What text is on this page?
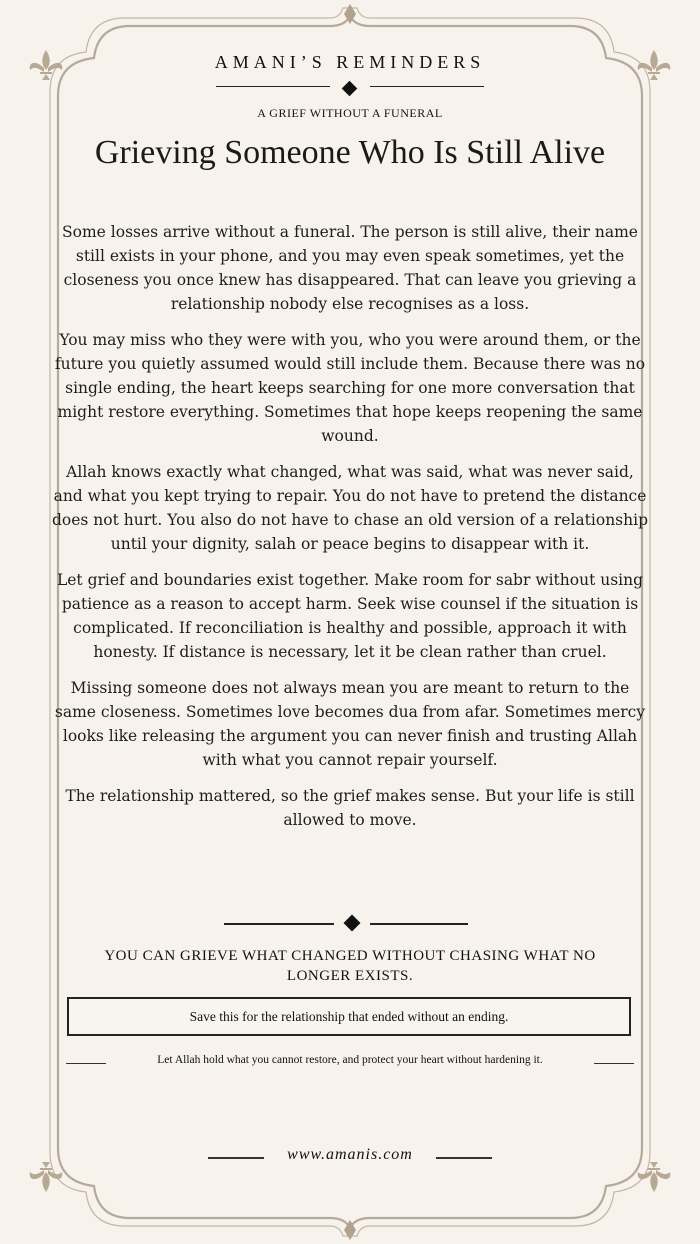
AMANI’S REMINDERS
A GRIEF WITHOUT A FUNERAL
Grieving Someone Who Is Still Alive

Some losses arrive without a funeral. The person is still alive, their name still exists in your phone, and you may even speak sometimes, yet the closeness you once knew has disappeared. That can leave you grieving a relationship nobody else recognises as a loss.

You may miss who they were with you, who you were around them, or the future you quietly assumed would still include them. Because there was no single ending, the heart keeps searching for one more conversation that might restore everything. Sometimes that hope keeps reopening the same wound.

Allah knows exactly what changed, what was said, what was never said, and what you kept trying to repair. You do not have to pretend the distance does not hurt. You also do not have to chase an old version of a relationship until your dignity, salah or peace begins to disappear with it.

Let grief and boundaries exist together. Make room for sabr without using patience as a reason to accept harm. Seek wise counsel if the situation is complicated. If reconciliation is healthy and possible, approach it with honesty. If distance is necessary, let it be clean rather than cruel.

Missing someone does not always mean you are meant to return to the same closeness. Sometimes love becomes dua from afar. Sometimes mercy looks like releasing the argument you can never finish and trusting Allah with what you cannot repair yourself.

The relationship mattered, so the grief makes sense. But your life is still allowed to move.

YOU CAN GRIEVE WHAT CHANGED WITHOUT CHASING WHAT NO LONGER EXISTS.
Save this for the relationship that ended without an ending.
Let Allah hold what you cannot restore, and protect your heart without hardening it.
www.amanis.com
